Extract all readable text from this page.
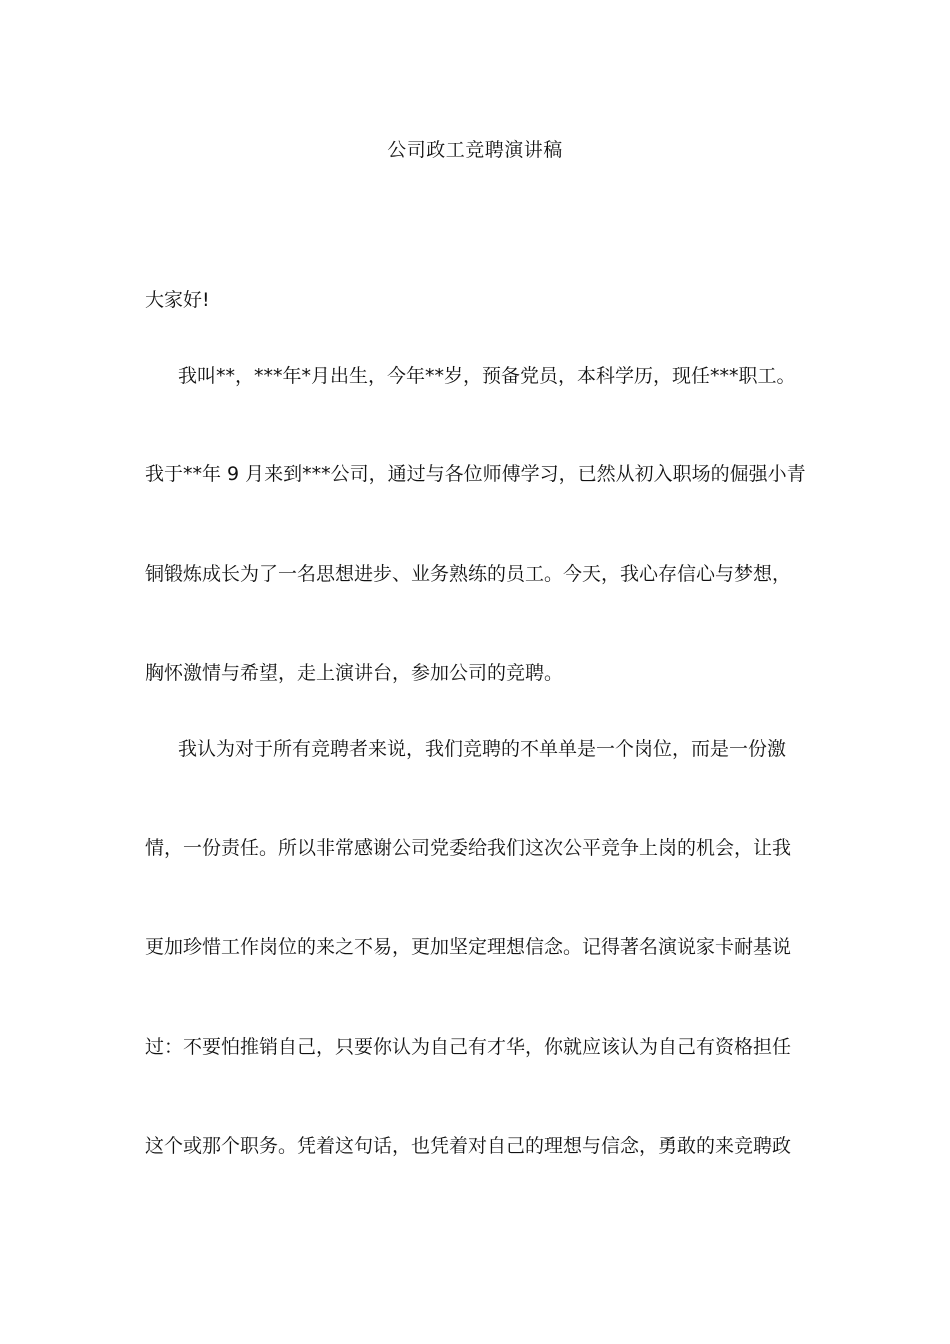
公司政工竞聘演讲稿
大家好!
我叫**，***年*月出生，今年**岁，预备党员，本科学历，现任***职工。
我于**年 9 月来到***公司，通过与各位师傅学习，已然从初入职场的倔强小青
铜锻炼成长为了一名思想进步、业务熟练的员工。今天，我心存信心与梦想，
胸怀激情与希望，走上演讲台，参加公司的竞聘。
我认为对于所有竞聘者来说，我们竞聘的不单单是一个岗位，而是一份激
情，一份责任。所以非常感谢公司党委给我们这次公平竞争上岗的机会，让我
更加珍惜工作岗位的来之不易，更加坚定理想信念。记得著名演说家卡耐基说
过：不要怕推销自己，只要你认为自己有才华，你就应该认为自己有资格担任
这个或那个职务。凭着这句话，也凭着对自己的理想与信念，勇敢的来竞聘政
